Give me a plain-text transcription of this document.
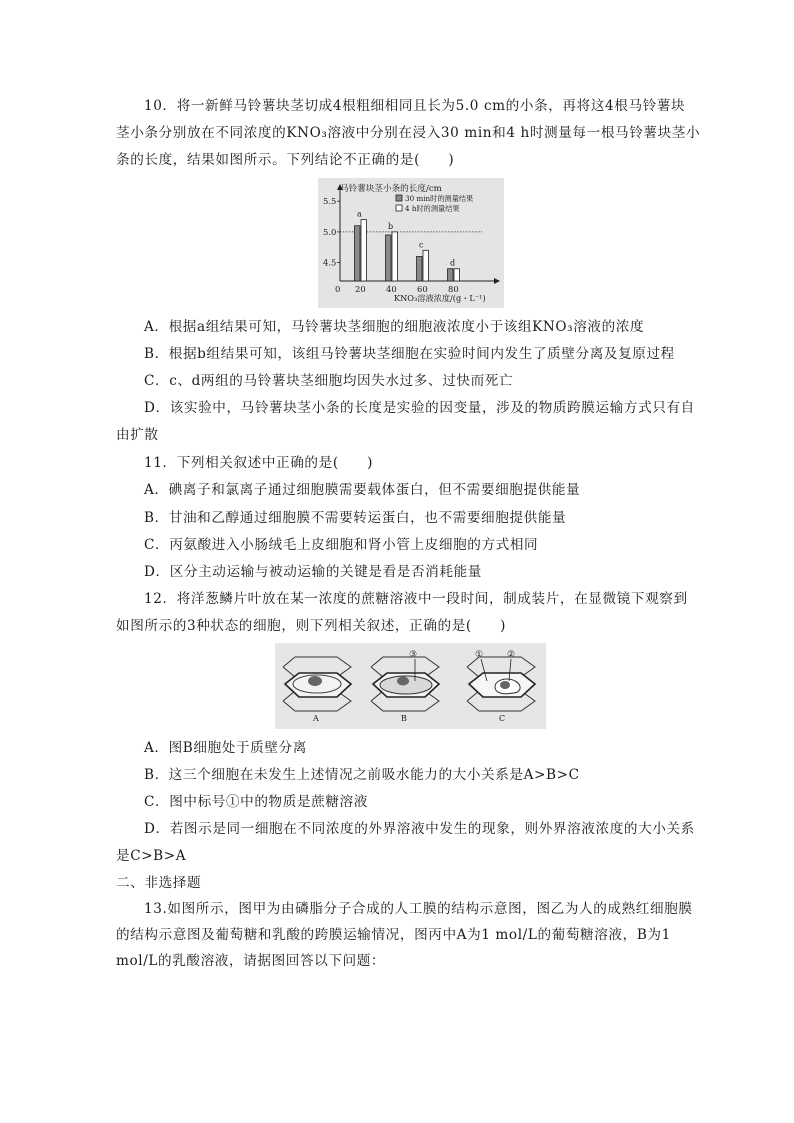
10．将一新鲜马铃薯块茎切成4根粗细相同且长为5.0 cm的小条，再将这4根马铃薯块
茎小条分别放在不同浓度的KNO₃溶液中分别在浸入30 min和4 h时测量每一根马铃薯块茎小
条的长度，结果如图所示。下列结论不正确的是(　　)
马铃薯块茎小条的长度/cm
4.5
5.0
5.5
0
a
20
b
40
c
60
d
80
30 min时的测量结果
4 h时的测量结果
KNO₃溶液浓度/(g・L⁻¹)
A．根据a组结果可知，马铃薯块茎细胞的细胞液浓度小于该组KNO₃溶液的浓度
B．根据b组结果可知，该组马铃薯块茎细胞在实验时间内发生了质壁分离及复原过程
C．c、d两组的马铃薯块茎细胞均因失水过多、过快而死亡
D．该实验中，马铃薯块茎小条的长度是实验的因变量，涉及的物质跨膜运输方式只有自
由扩散
11．下列相关叙述中正确的是(　　)
A．碘离子和氯离子通过细胞膜需要载体蛋白，但不需要细胞提供能量
B．甘油和乙醇通过细胞膜不需要转运蛋白，也不需要细胞提供能量
C．丙氨酸进入小肠绒毛上皮细胞和肾小管上皮细胞的方式相同
D．区分主动运输与被动运输的关键是看是否消耗能量
12．将洋葱鳞片叶放在某一浓度的蔗糖溶液中一段时间，制成装片，在显微镜下观察到
如图所示的3种状态的细胞，则下列相关叙述，正确的是(　　)
A
③
B
①	②
C
A．图B细胞处于质壁分离
B．这三个细胞在未发生上述情况之前吸水能力的大小关系是A>B>C
C．图中标号①中的物质是蔗糖溶液
D．若图示是同一细胞在不同浓度的外界溶液中发生的现象，则外界溶液浓度的大小关系
是C>B>A
二、非选择题
13.如图所示，图甲为由磷脂分子合成的人工膜的结构示意图，图乙为人的成熟红细胞膜
的结构示意图及葡萄糖和乳酸的跨膜运输情况，图丙中A为1 mol/L的葡萄糖溶液，B为1
mol/L的乳酸溶液，请据图回答以下问题：
